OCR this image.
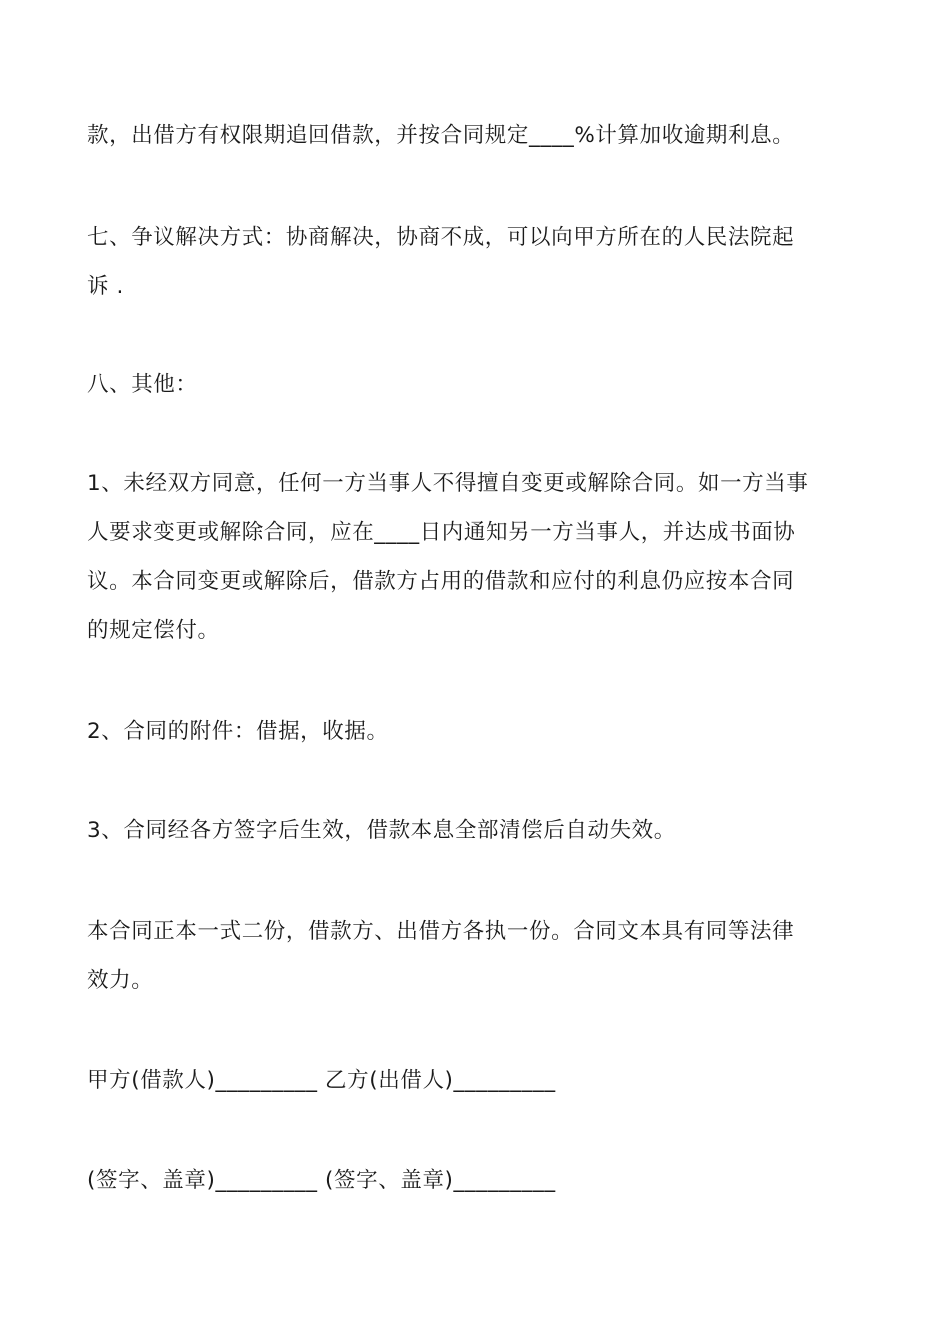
款，出借方有权限期追回借款，并按合同规定____%计算加收逾期利息。

七、争议解决方式：协商解决，协商不成，可以向甲方所在的人民法院起
诉 .

八、其他：

1、未经双方同意，任何一方当事人不得擅自变更或解除合同。如一方当事
人要求变更或解除合同，应在____日内通知另一方当事人，并达成书面协
议。本合同变更或解除后，借款方占用的借款和应付的利息仍应按本合同
的规定偿付。

2、合同的附件：借据，收据。

3、合同经各方签字后生效，借款本息全部清偿后自动失效。

本合同正本一式二份，借款方、出借方各执一份。合同文本具有同等法律
效力。

甲方(借款人)_________ 乙方(出借人)_________

(签字、盖章)_________ (签字、盖章)_________
